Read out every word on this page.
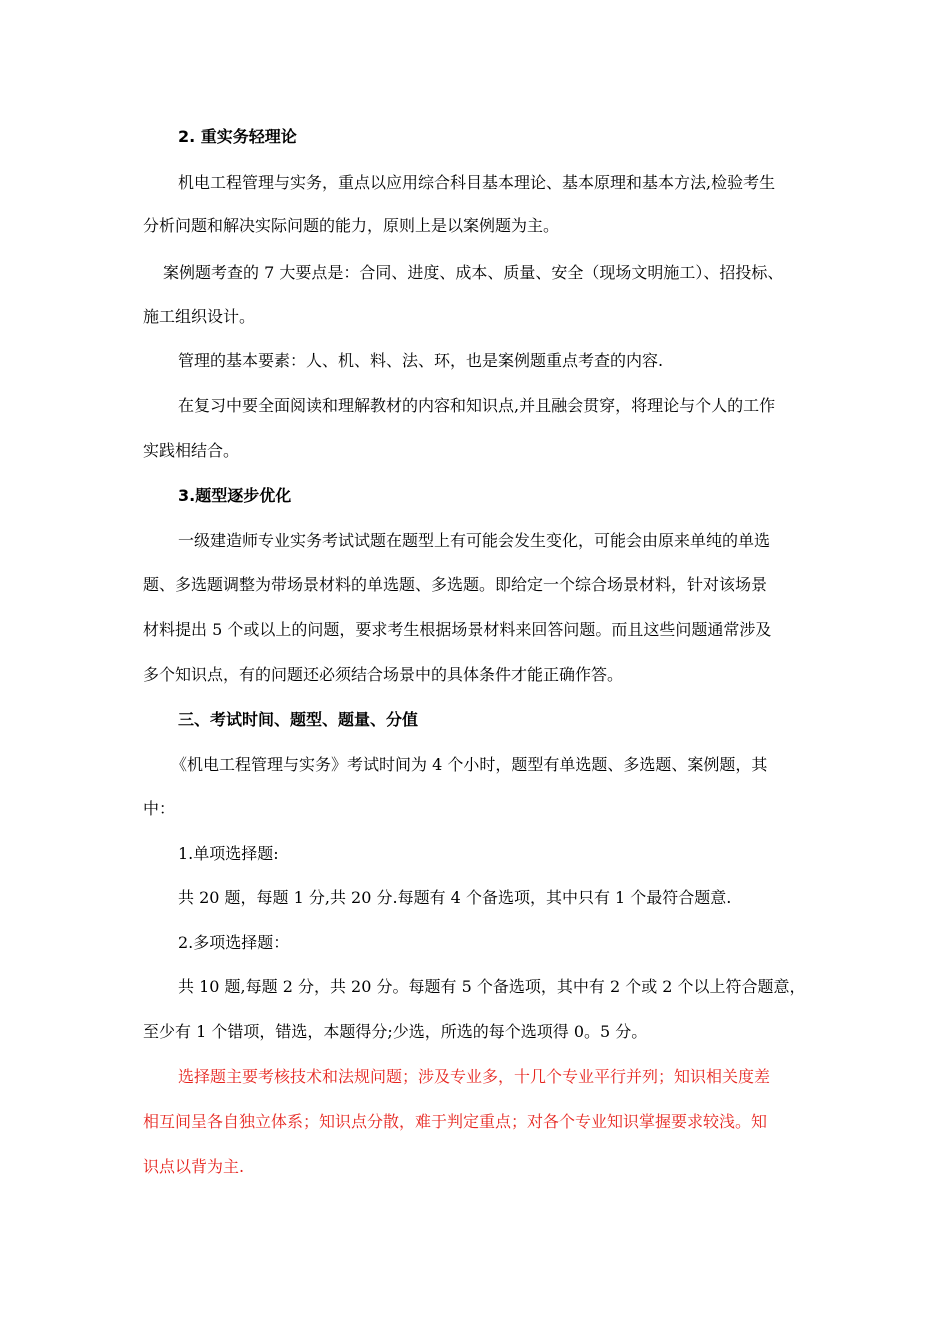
2. 重实务轻理论
机电工程管理与实务，重点以应用综合科目基本理论、基本原理和基本方法,检验考生
分析问题和解决实际问题的能力，原则上是以案例题为主。
案例题考查的 7 大要点是：合同、进度、成本、质量、安全（现场文明施工）、招投标、
施工组织设计。
管理的基本要素：人、机、料、法、环，也是案例题重点考查的内容.
在复习中要全面阅读和理解教材的内容和知识点,并且融会贯穿，将理论与个人的工作
实践相结合。
3.题型逐步优化
一级建造师专业实务考试试题在题型上有可能会发生变化，可能会由原来单纯的单选
题、多选题调整为带场景材料的单选题、多选题。即给定一个综合场景材料，针对该场景
材料提出 5 个或以上的问题，要求考生根据场景材料来回答问题。而且这些问题通常涉及
多个知识点，有的问题还必须结合场景中的具体条件才能正确作答。
三、考试时间、题型、题量、分值
《机电工程管理与实务》考试时间为 4 个小时，题型有单选题、多选题、案例题，其
中：
1.单项选择题:
共 20 题，每题 1 分,共 20 分.每题有 4 个备选项，其中只有 1 个最符合题意.
2.多项选择题：
共 10 题,每题 2 分，共 20 分。每题有 5 个备选项，其中有 2 个或 2 个以上符合题意，
至少有 1 个错项，错选，本题得分;少选，所选的每个选项得 0。5 分。
选择题主要考核技术和法规问题；涉及专业多，十几个专业平行并列；知识相关度差
相互间呈各自独立体系；知识点分散，难于判定重点；对各个专业知识掌握要求较浅。知
识点以背为主.
